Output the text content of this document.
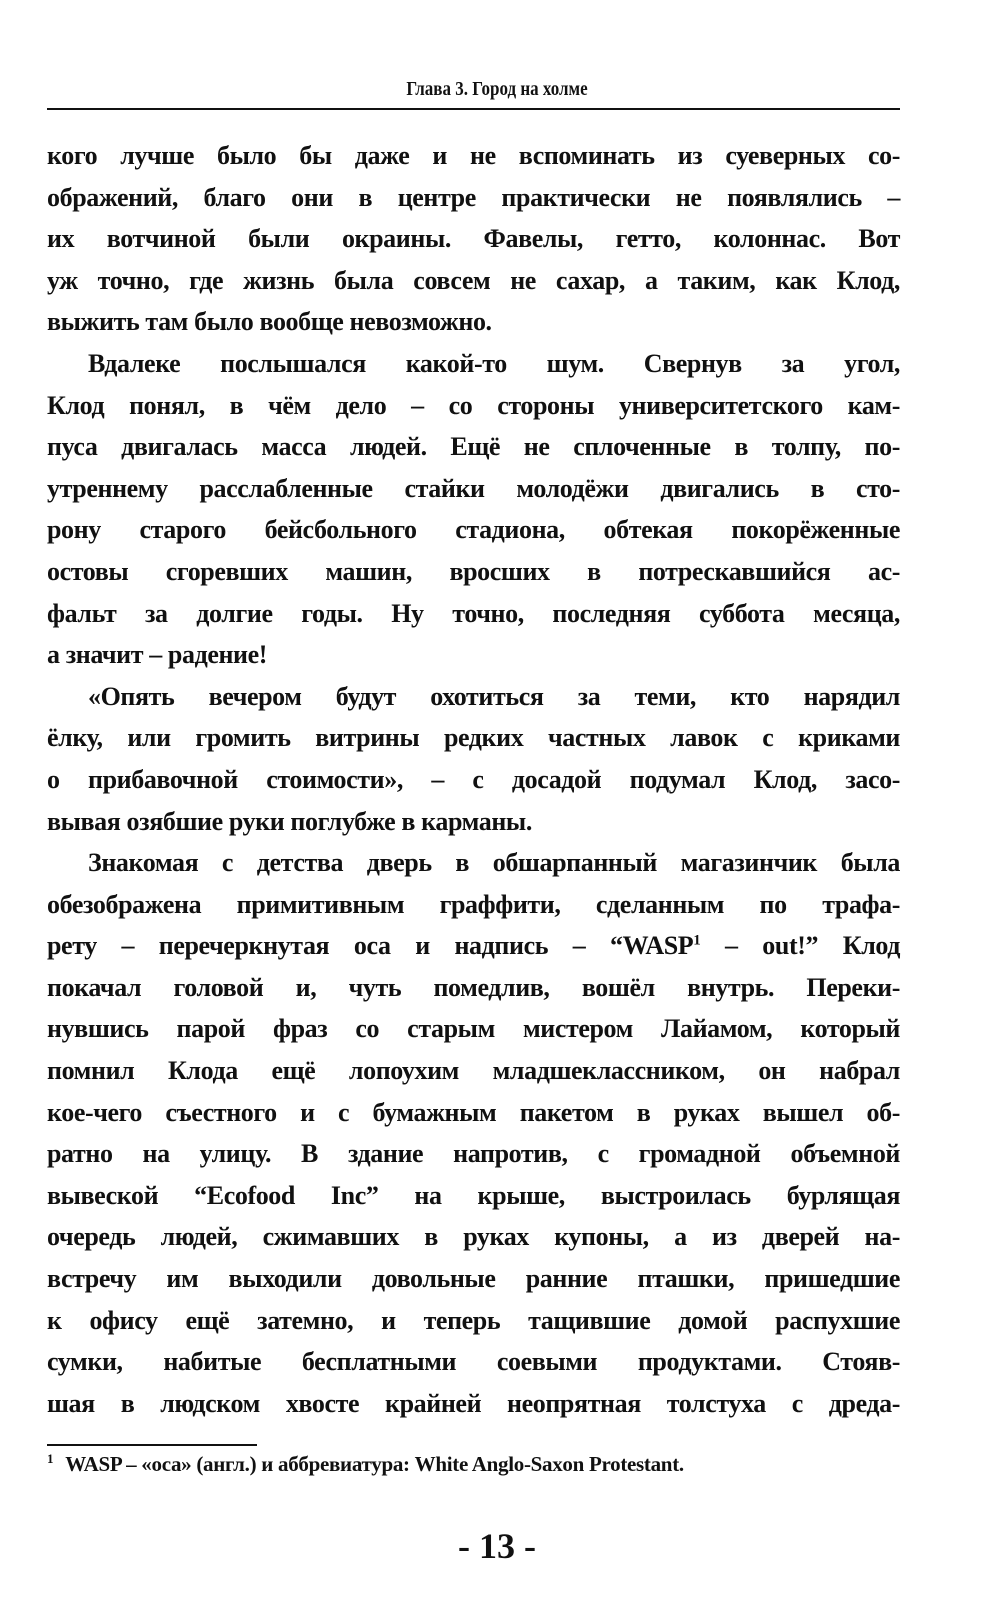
Глава 3. Город на холме
кого лучше было бы даже и не вспоминать из суеверных со-
ображений, благо они в центре практически не появлялись –
их вотчиной были окраины. Фавелы, гетто, колоннас. Вот
уж точно, где жизнь была совсем не сахар, а таким, как Клод,
выжить там было вообще невозможно.
Вдалеке послышался какой-то шум. Свернув за угол,
Клод понял, в чём дело – со стороны университетского кам-
пуса двигалась масса людей. Ещё не сплоченные в толпу, по-
утреннему расслабленные стайки молодёжи двигались в сто-
рону старого бейсбольного стадиона, обтекая покорёженные
остовы сгоревших машин, вросших в потрескавшийся ас-
фальт за долгие годы. Ну точно, последняя суббота месяца,
а значит – радение!
«Опять вечером будут охотиться за теми, кто нарядил
ёлку, или громить витрины редких частных лавок с криками
о прибавочной стоимости», – с досадой подумал Клод, засо-
вывая озябшие руки поглубже в карманы.
Знакомая с детства дверь в обшарпанный магазинчик была
обезображена примитивным граффити, сделанным по трафа-
рету – перечеркнутая оса и надпись – “WASP$^1$ – out!” Клод
покачал головой и, чуть помедлив, вошёл внутрь. Переки-
нувшись парой фраз со старым мистером Лайамом, который
помнил Клода ещё лопоухим младшеклассником, он набрал
кое-чего съестного и с бумажным пакетом в руках вышел об-
ратно на улицу. В здание напротив, с громадной объемной
вывеской “Ecofood Inc” на крыше, выстроилась бурлящая
очередь людей, сжимавших в руках купоны, а из дверей на-
встречу им выходили довольные ранние пташки, пришедшие
к офису ещё затемно, и теперь тащившие домой распухшие
сумки, набитые бесплатными соевыми продуктами. Стояв-
шая в людском хвосте крайней неопрятная толстуха с дреда-
$^1$ WASP – «оса» (англ.) и аббревиатура: White Anglo-Saxon Protestant.
- 13 -
